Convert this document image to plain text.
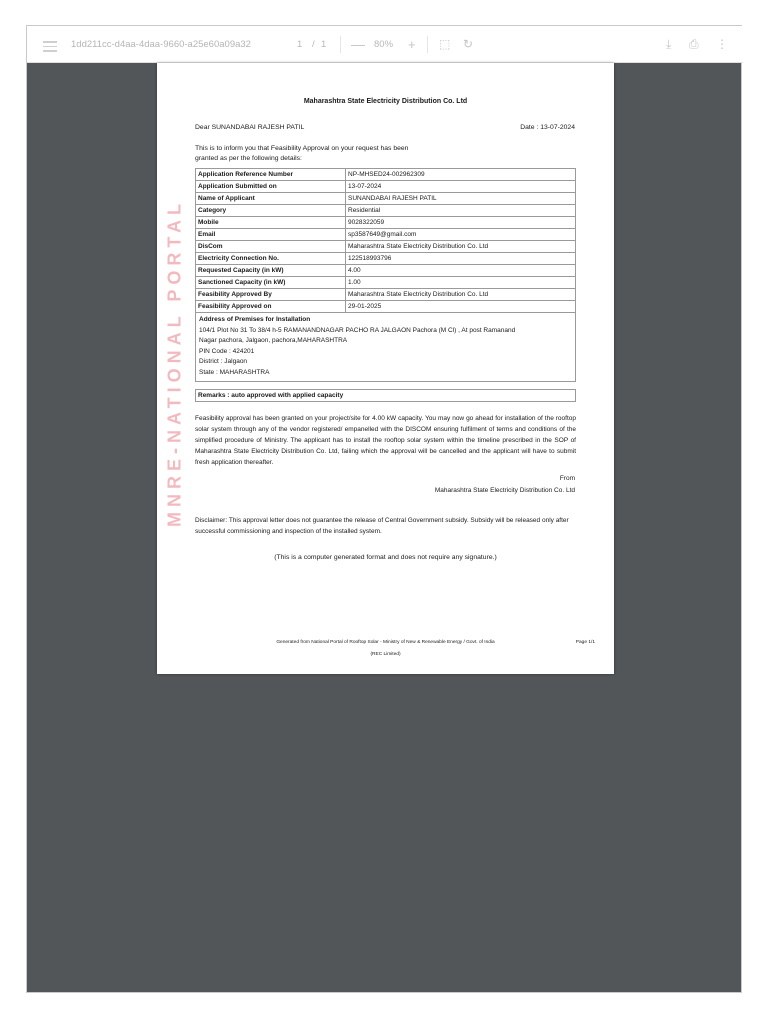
1dd211cc-d4aa-4daa-9660-a25e60a09a32	1 / 1 — 80% + ⬚ ↻	⤓ ⎙ ⋮
MNRE-NATIONAL PORTAL
Maharashtra State Electricity Distribution Co. Ltd
Dear SUNANDABAI RAJESH PATIL	Date : 13-07-2024
This is to inform you that Feasibility Approval on your request has been
granted as per the following details:
Application Reference Number	NP-MHSED24-002962309
Application Submitted on	13-07-2024
Name of Applicant	SUNANDABAI RAJESH PATIL
Category	Residential
Mobile	9028322059
Email	sp3587649@gmail.com
DisCom	Maharashtra State Electricity Distribution Co. Ltd
Electricity Connection No.	122518993796
Requested Capacity (in kW)	4.00
Sanctioned Capacity (in kW)	1.00
Feasibility Approved By	Maharashtra State Electricity Distribution Co. Ltd
Feasibility Approved on	29-01-2025
Address of Premises for Installation
104/1 Plot No 31 To 38/4 h-5 RAMANANDNAGAR PACHO RA JALGAON Pachora (M Cl) , At post Ramanand
Nagar pachora, Jalgaon, pachora,MAHARASHTRA
PIN Code : 424201
District : Jalgaon
State : MAHARASHTRA
Remarks : auto approved with applied capacity
Feasibility approval has been granted on your project/site for 4.00 kW capacity. You may now go ahead for installation of the rooftop solar system through any of the vendor registered/ empanelled with the DISCOM ensuring fulfilment of terms and conditions of the simplified procedure of Ministry. The applicant has to install the rooftop solar system within the timeline prescribed in the SOP of Maharashtra State Electricity Distribution Co. Ltd, failing which the approval will be cancelled and the applicant will have to submit fresh application thereafter.
From
Maharashtra State Electricity Distribution Co. Ltd
Disclaimer: This approval letter does not guarantee the release of Central Government subsidy. Subsidy will be released only after successful commissioning and inspection of the installed system.
(This is a computer generated format and does not require any signature.)
Generated from National Portal of Rooftop Solar - Ministry of New & Renewable Energy / Govt. of India
(REC Limited)
Page 1/1
